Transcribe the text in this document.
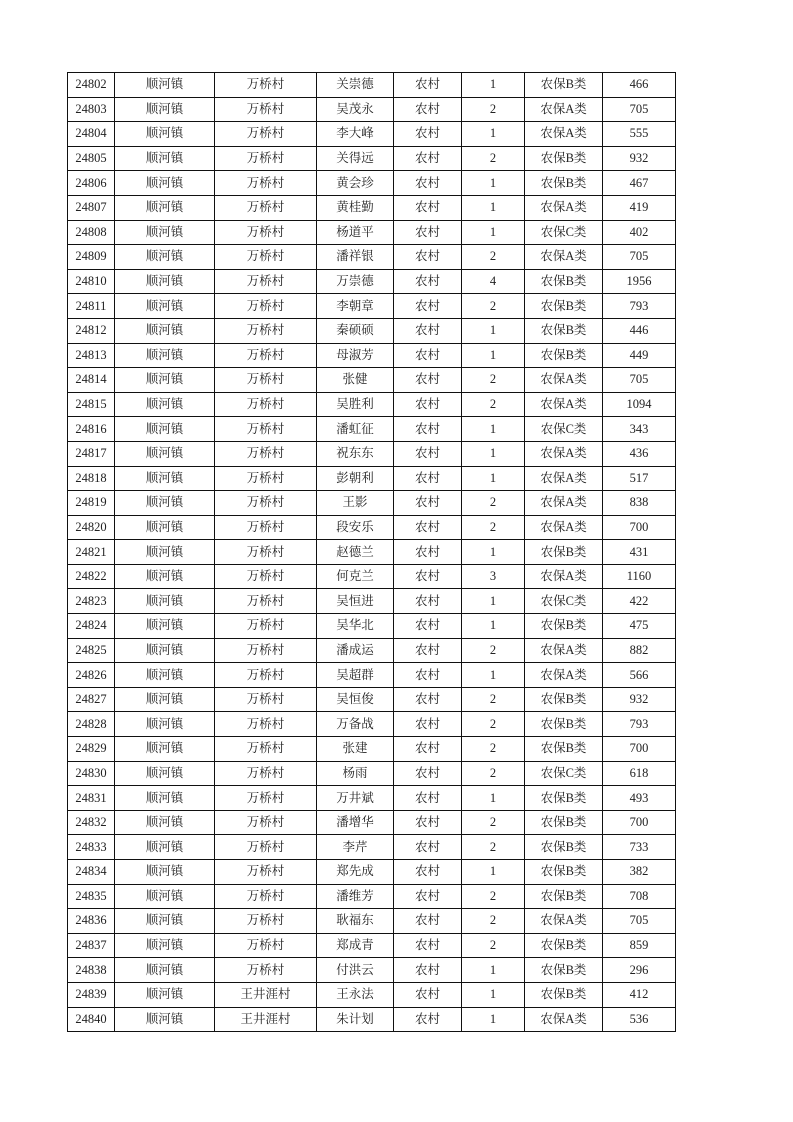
24802	顺河镇	万桥村	关崇德	农村	1	农保B类	466
24803	顺河镇	万桥村	吴茂永	农村	2	农保A类	705
24804	顺河镇	万桥村	李大峰	农村	1	农保A类	555
24805	顺河镇	万桥村	关得远	农村	2	农保B类	932
24806	顺河镇	万桥村	黄会珍	农村	1	农保B类	467
24807	顺河镇	万桥村	黄桂勤	农村	1	农保A类	419
24808	顺河镇	万桥村	杨道平	农村	1	农保C类	402
24809	顺河镇	万桥村	潘祥银	农村	2	农保A类	705
24810	顺河镇	万桥村	万崇德	农村	4	农保B类	1956
24811	顺河镇	万桥村	李朝章	农村	2	农保B类	793
24812	顺河镇	万桥村	秦硕硕	农村	1	农保B类	446
24813	顺河镇	万桥村	母淑芳	农村	1	农保B类	449
24814	顺河镇	万桥村	张健	农村	2	农保A类	705
24815	顺河镇	万桥村	吴胜利	农村	2	农保A类	1094
24816	顺河镇	万桥村	潘虹征	农村	1	农保C类	343
24817	顺河镇	万桥村	祝东东	农村	1	农保A类	436
24818	顺河镇	万桥村	彭朝利	农村	1	农保A类	517
24819	顺河镇	万桥村	王影	农村	2	农保A类	838
24820	顺河镇	万桥村	段安乐	农村	2	农保A类	700
24821	顺河镇	万桥村	赵德兰	农村	1	农保B类	431
24822	顺河镇	万桥村	何克兰	农村	3	农保A类	1160
24823	顺河镇	万桥村	吴恒进	农村	1	农保C类	422
24824	顺河镇	万桥村	吴华北	农村	1	农保B类	475
24825	顺河镇	万桥村	潘成运	农村	2	农保A类	882
24826	顺河镇	万桥村	吴超群	农村	1	农保A类	566
24827	顺河镇	万桥村	吴恒俊	农村	2	农保B类	932
24828	顺河镇	万桥村	万备战	农村	2	农保B类	793
24829	顺河镇	万桥村	张建	农村	2	农保B类	700
24830	顺河镇	万桥村	杨雨	农村	2	农保C类	618
24831	顺河镇	万桥村	万井斌	农村	1	农保B类	493
24832	顺河镇	万桥村	潘增华	农村	2	农保B类	700
24833	顺河镇	万桥村	李芹	农村	2	农保B类	733
24834	顺河镇	万桥村	郑先成	农村	1	农保B类	382
24835	顺河镇	万桥村	潘维芳	农村	2	农保B类	708
24836	顺河镇	万桥村	耿福东	农村	2	农保A类	705
24837	顺河镇	万桥村	郑成青	农村	2	农保B类	859
24838	顺河镇	万桥村	付洪云	农村	1	农保B类	296
24839	顺河镇	王井涯村	王永法	农村	1	农保B类	412
24840	顺河镇	王井涯村	朱计划	农村	1	农保A类	536
